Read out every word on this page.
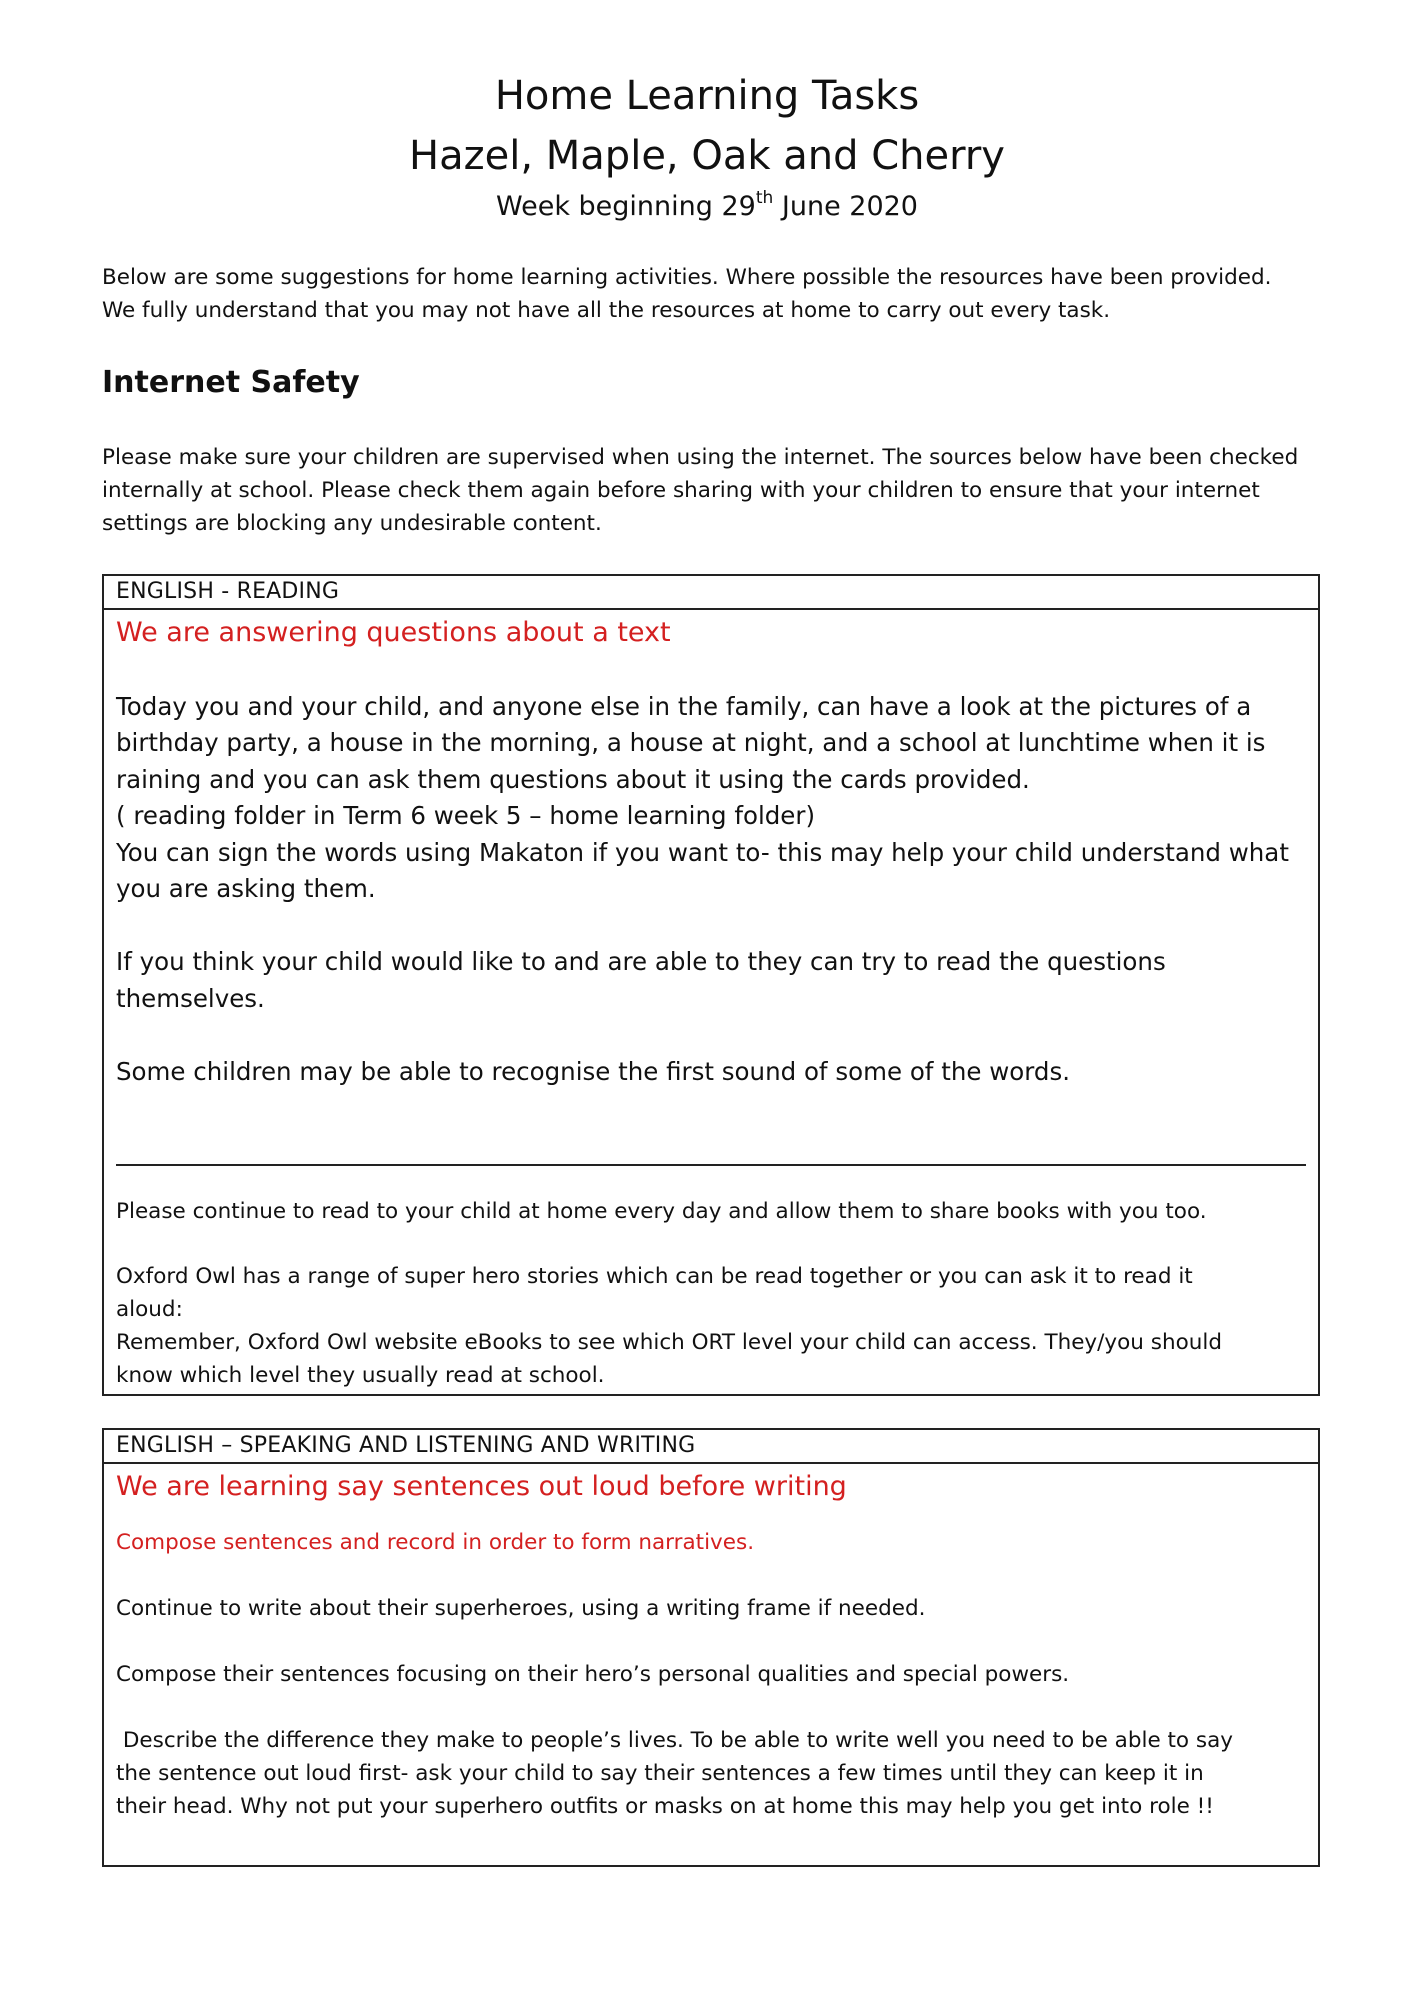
Home Learning Tasks
Hazel, Maple, Oak and Cherry
Week beginning 29th June 2020
Below are some suggestions for home learning activities. Where possible the resources have been provided.
We fully understand that you may not have all the resources at home to carry out every task.
Internet Safety
Please make sure your children are supervised when using the internet. The sources below have been checked
internally at school. Please check them again before sharing with your children to ensure that your internet
settings are blocking any undesirable content.
ENGLISH - READING

We are answering questions about a text

Today you and your child, and anyone else in the family, can have a look at the pictures of a

birthday party, a house in the morning, a house at night, and a school at lunchtime when it is

raining and you can ask them questions about it using the cards provided.

( reading folder in Term 6 week 5 – home learning folder)

You can sign the words using Makaton if you want to- this may help your child understand what

you are asking them.

If you think your child would like to and are able to they can try to read the questions

themselves.

Some children may be able to recognise the first sound of some of the words.

Please continue to read to your child at home every day and allow them to share books with you too.

Oxford Owl has a range of super hero stories which can be read together or you can ask it to read it

aloud:

Remember, Oxford Owl website eBooks to see which ORT level your child can access. They/you should

know which level they usually read at school.

ENGLISH – SPEAKING AND LISTENING AND WRITING

We are learning say sentences out loud before writing

Compose sentences and record in order to form narratives.

Continue to write about their superheroes, using a writing frame if needed.

Compose their sentences focusing on their hero’s personal qualities and special powers.

Describe the difference they make to people’s lives. To be able to write well you need to be able to say

the sentence out loud first- ask your child to say their sentences a few times until they can keep it in

their head. Why not put your superhero outfits or masks on at home this may help you get into role !!
